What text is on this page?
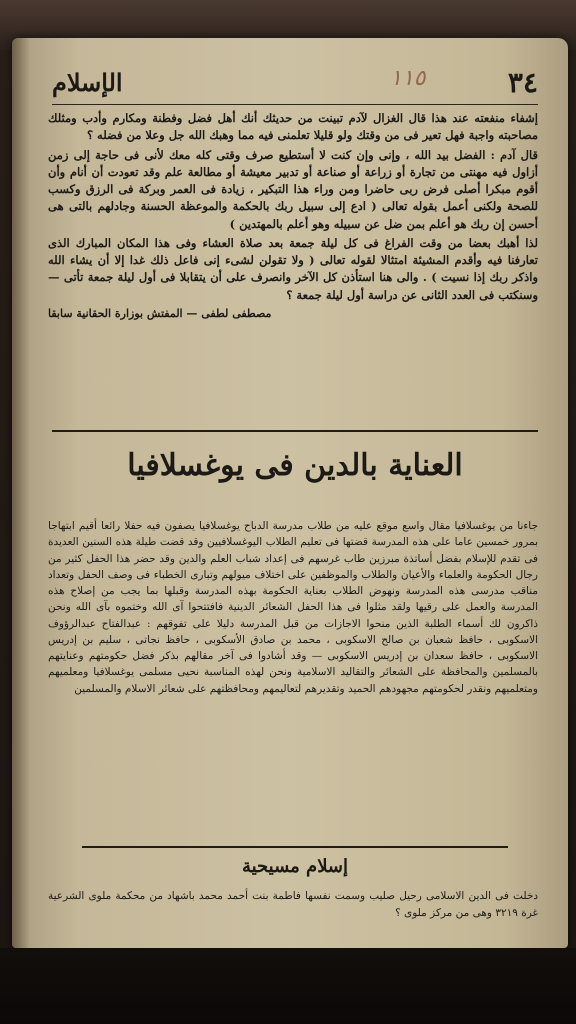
٣٤
الإسلام	١١٥

إشفاء منفعته عند هذا قال الغزال لآدم تبينت من حديثك أنك أهل فضل وفطنة ومكارم وأدب ومثلك مصاحبته واجبة فهل تعير فى من وقتك ولو قليلا تعلمنى فيه مما وهبك الله جل وعلا من فضله ؟

قال آدم : الفضل بيد الله ، وإنى وإن كنت لا أستطيع صرف وقتى كله معك لأنى فى حاجة إلى زمن أزاول فيه مهنتى من تجارة أو زراعة أو صناعة أو تدبير معيشة أو مطالعة علم وقد تعودت أن أنام وأن أقوم مبكرا أصلى فرض ربى حاضرا ومن وراء هذا التبكير ، زيادة فى العمر وبركة فى الرزق وكسب للصحة ولكنى أعمل بقوله تعالى ( ادع إلى سبيل ربك بالحكمة والموعظة الحسنة وجادلهم بالتى هى أحسن إن ربك هو أعلم بمن ضل عن سبيله وهو أعلم بالمهتدين )

لذا أهبك بعضا من وقت الفراغ فى كل ليلة جمعة بعد صلاة العشاء وفى هذا المكان المبارك الذى تعارفنا فيه وأقدم المشيئة امتثالا لقوله تعالى ( ولا تقولن لشىء إنى فاعل ذلك غدا إلا أن يشاء الله واذكر ربك إذا نسيت ) . والى هنا استأذن كل الآخر وانصرف على أن يتقابلا فى أول ليلة جمعة تأتى — وسنكتب فى العدد الثانى عن دراسة أول ليلة جمعة ؟

مصطفى لطفى — المفتش بوزارة الحقانية سابقا
العناية بالدين فى يوغسلافيا
جاءنا من يوغسلافيا مقال واسع موقع عليه من طلاب مدرسة الدباح يوغسلافيا يصفون فيه حفلا رائعا أقيم ابتهاجا بمرور خمسين عاما على هذه المدرسة قضتها فى تعليم الطلاب اليوغسلافيين وقد قضت طيلة هذه السنين العديدة فى تقدم للإسلام بفضل أساتذة مبرزين طاب غرسهم فى إعداد شباب العلم والدين وقد حضر هذا الحفل كثير من رجال الحكومة والعلماء والأعيان والطلاب والموظفين على اختلاف ميولهم وتبارى الخطباء فى وصف الحفل وتعداد مناقب مدرسى هذه المدرسة ونهوض الطلاب بعناية الحكومة بهذه المدرسة وقبلها بما يجب من إصلاح هذه المدرسة والعمل على رقيها ولقد مثلوا فى هذا الحفل الشعائر الدينية فافتتحوا آى الله وختموه بآى الله ونحن ذاكرون لك أسماء الطلبة الذين منحوا الاجازات من قبل المدرسة دليلا على تفوقهم : عبدالفتاح عبدالرؤوف الاسكوبى ، حافظ شعبان بن صالح الاسكوبى ، محمد بن صادق الأسكوبى ، حافظ نجاتى ، سليم بن إدريس الاسكوبى ، حافظ سعدان بن إدريس الاسكوبى — وقد أشادوا فى آخر مقالهم بذكر فضل حكومتهم وعنايتهم بالمسلمين والمحافظة على الشعائر والتقاليد الاسلامية ونحن لهذه المناسبة نحيى مسلمى يوغسلافيا ومعلميهم ومتعلميهم ونقدر لحكومتهم مجهودهم الحميد وتقديرهم لتعاليمهم ومحافظتهم على شعائر الاسلام والمسلمين
إسلام مسيحية
دخلت فى الدين الاسلامى رحيل صليب وسمت نفسها فاطمة بنت أحمد محمد باشهاد من محكمة ملوى الشرعية غرة ٣٢١٩ وهى من مركز ملوى ؟
